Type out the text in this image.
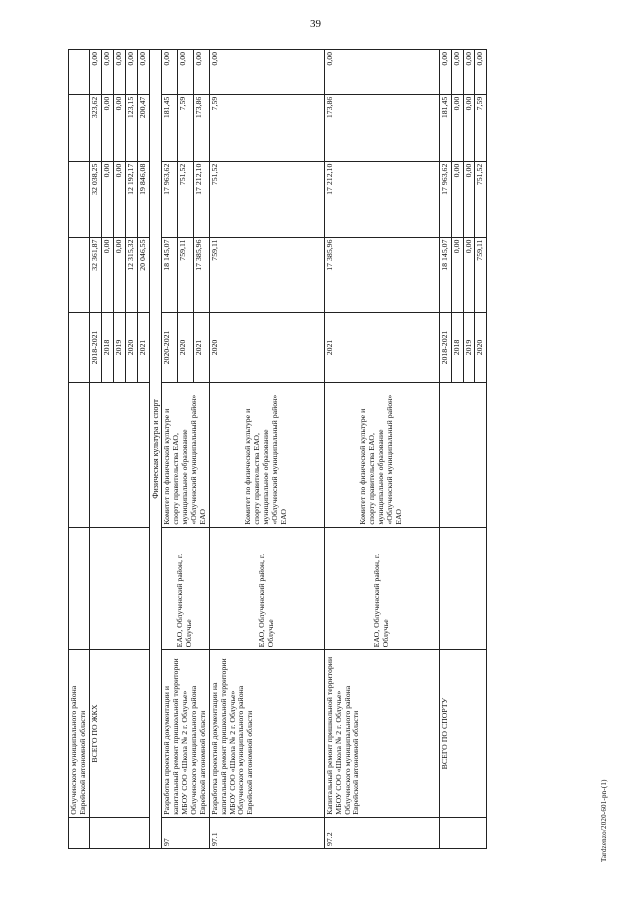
39
Tardzenzo/2020-601-pn-(1)
	Облученского муниципального района Еврейской автономной области							
	ВСЕГО ПО ЖКХ			2018-2021	32 361,87	32 038,25	323,62	0,00
				2018	0,00	0,00	0,00	0,00
				2019	0,00	0,00	0,00	0,00
				2020	12 315,32	12 192,17	123,15	0,00
				2021	20 046,55	19 846,08	200,47	0,00
Физическая культура и спорт								
97	Разработка проектной документации и капитальный ремонт пришкольной территории МБОУ СОО «Школа № 2 г. Облучье» Облученского муниципального района Еврейской автономной области	ЕАО, Облученский район, г. Облучье	Комитет по физической культуре и спорту правительства ЕАО, муниципальное образование «Облученский муниципальный район» ЕАО	2020-2021	18 145,07	17 963,62	181,45	0,00
				2020	759,11	751,52	7,59	0,00
				2021	17 385,96	17 212,10	173,86	0,00
97.1	Разработка проектной документации на капитальный ремонт пришкольной территории МБОУ СОО «Школа № 2 г. Облучье» Облученского муниципального района Еврейской автономной области	ЕАО, Облученский район, г. Облучье	Комитет по физической культуре и спорту правительства ЕАО, муниципальное образование «Облученский муниципальный район» ЕАО	2020	759,11	751,52	7,59	0,00
97.2	Капитальный ремонт пришкольной территории МБОУ СОО «Школа № 2 г. Облучье» Облученского муниципального района Еврейской автономной области	ЕАО, Облученский район, г. Облучье	Комитет по физической культуре и спорту правительства ЕАО, муниципальное образование «Облученский муниципальный район» ЕАО	2021	17 385,96	17 212,10	173,86	0,00
	ВСЕГО ПО СПОРТУ			2018-2021	18 145,07	17 963,62	181,45	0,00
				2018	0,00	0,00	0,00	0,00
				2019	0,00	0,00	0,00	0,00
				2020	759,11	751,52	7,59	0,00
